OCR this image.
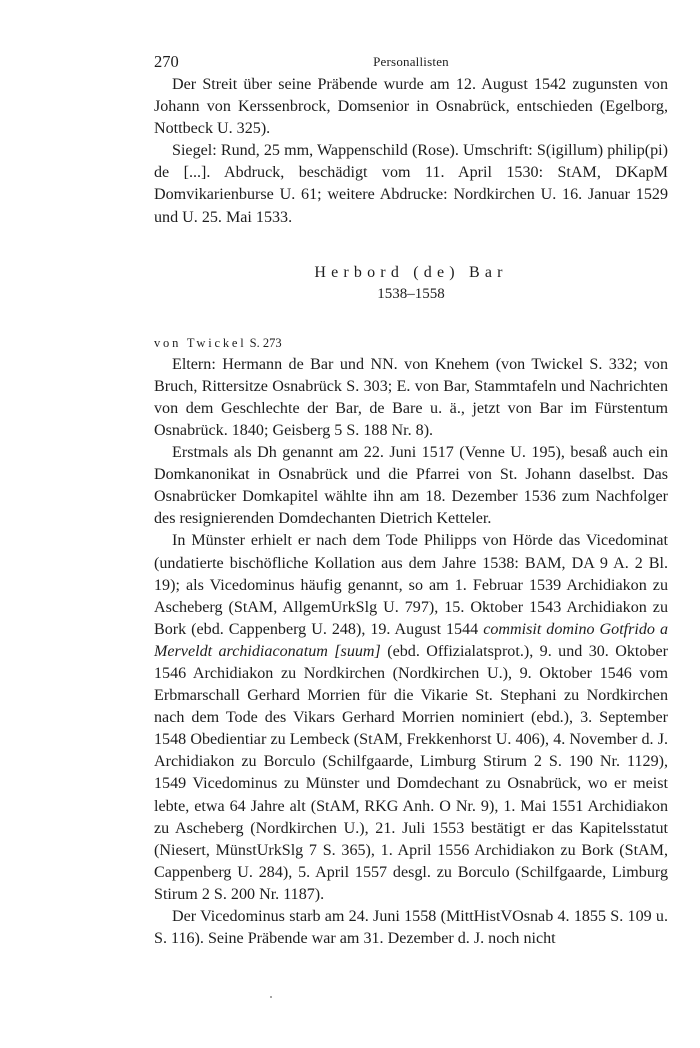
270	Personallisten

Der Streit über seine Präbende wurde am 12. August 1542 zugunsten von Johann von Kerssenbrock, Domsenior in Osnabrück, entschieden (Egelborg, Nottbeck U. 325).

Siegel: Rund, 25 mm, Wappenschild (Rose). Umschrift: S(igillum) philip(pi) de [...]. Abdruck, beschädigt vom 11. April 1530: StAM, DKapM Domvikarienburse U. 61; weitere Abdrucke: Nordkirchen U. 16. Januar 1529 und U. 25. Mai 1533.

Herbord (de) Bar
1538–1558
von Twickel S. 273

Eltern: Hermann de Bar und NN. von Knehem (von Twickel S. 332; von Bruch, Rittersitze Osnabrück S. 303; E. von Bar, Stammtafeln und Nachrichten von dem Geschlechte der Bar, de Bare u. ä., jetzt von Bar im Fürstentum Osnabrück. 1840; Geisberg 5 S. 188 Nr. 8).

Erstmals als Dh genannt am 22. Juni 1517 (Venne U. 195), besaß auch ein Domkanonikat in Osnabrück und die Pfarrei von St. Johann daselbst. Das Osnabrücker Domkapitel wählte ihn am 18. Dezember 1536 zum Nachfolger des resignierenden Domdechanten Dietrich Ketteler.

In Münster erhielt er nach dem Tode Philipps von Hörde das Vicedominat (undatierte bischöfliche Kollation aus dem Jahre 1538: BAM, DA 9 A. 2 Bl. 19); als Vicedominus häufig genannt, so am 1. Februar 1539 Archidiakon zu Ascheberg (StAM, AllgemUrkSlg U. 797), 15. Oktober 1543 Archidiakon zu Bork (ebd. Cappenberg U. 248), 19. August 1544 commisit domino Gotfrido a Merveldt archidiaconatum [suum] (ebd. Offizialatsprot.), 9. und 30. Oktober 1546 Archidiakon zu Nordkirchen (Nordkirchen U.), 9. Oktober 1546 vom Erbmarschall Gerhard Morrien für die Vikarie St. Stephani zu Nordkirchen nach dem Tode des Vikars Gerhard Morrien nominiert (ebd.), 3. September 1548 Obedientiar zu Lembeck (StAM, Frekkenhorst U. 406), 4. November d. J. Archidiakon zu Borculo (Schilfgaarde, Limburg Stirum 2 S. 190 Nr. 1129), 1549 Vicedominus zu Münster und Domdechant zu Osnabrück, wo er meist lebte, etwa 64 Jahre alt (StAM, RKG Anh. O Nr. 9), 1. Mai 1551 Archidiakon zu Ascheberg (Nordkirchen U.), 21. Juli 1553 bestätigt er das Kapitelsstatut (Niesert, MünstUrkSlg 7 S. 365), 1. April 1556 Archidiakon zu Bork (StAM, Cappenberg U. 284), 5. April 1557 desgl. zu Borculo (Schilfgaarde, Limburg Stirum 2 S. 200 Nr. 1187).

Der Vicedominus starb am 24. Juni 1558 (MittHistVOsnab 4. 1855 S. 109 u. S. 116). Seine Präbende war am 31. Dezember d. J. noch nicht
